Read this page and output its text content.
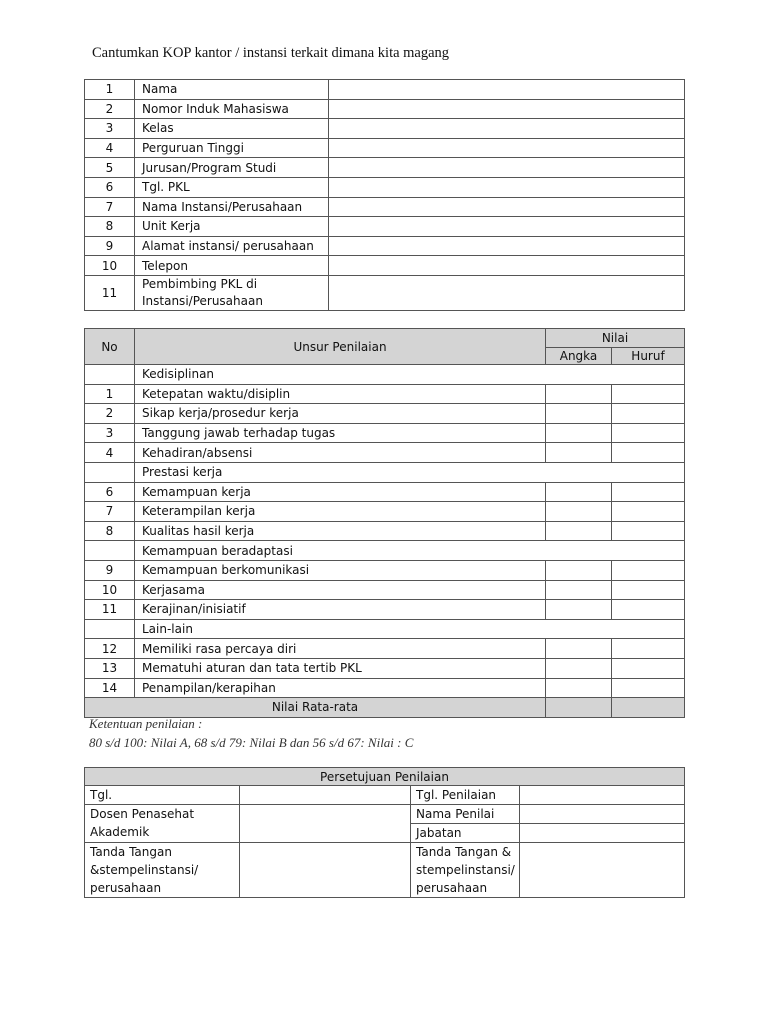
Cantumkan KOP kantor / instansi terkait dimana kita magang
1	Nama	
2	Nomor Induk Mahasiswa	
3	Kelas	
4	Perguruan Tinggi	
5	Jurusan/Program Studi	
6	Tgl. PKL	
7	Nama Instansi/Perusahaan	
8	Unit Kerja	
9	Alamat instansi/ perusahaan	
10	Telepon	
11	Pembimbing PKL di Instansi/Perusahaan	
No	Unsur Penilaian	Nilai	
		Angka	Huruf
	Kedisiplinan		
1	Ketepatan waktu/disiplin		
2	Sikap kerja/prosedur kerja		
3	Tanggung jawab terhadap tugas		
4	Kehadiran/absensi		
	Prestasi kerja		
6	Kemampuan kerja		
7	Keterampilan kerja		
8	Kualitas hasil kerja		
	Kemampuan beradaptasi		
9	Kemampuan berkomunikasi		
10	Kerjasama		
11	Kerajinan/inisiatif		
	Lain-lain		
12	Memiliki rasa percaya diri		
13	Mematuhi aturan dan tata tertib PKL		
14	Penampilan/kerapihan		
Nilai Rata-rata			
Ketentuan penilaian :
80 s/d 100: Nilai A, 68 s/d 79: Nilai B dan 56 s/d 67: Nilai : C
Persetujuan Penilaian			
Tgl.		Tgl. Penilaian	
Dosen Penasehat Akademik		Nama Penilai	
		Jabatan	
Tanda Tangan &stempelinstansi/ perusahaan		Tanda Tangan & stempelinstansi/ perusahaan	
